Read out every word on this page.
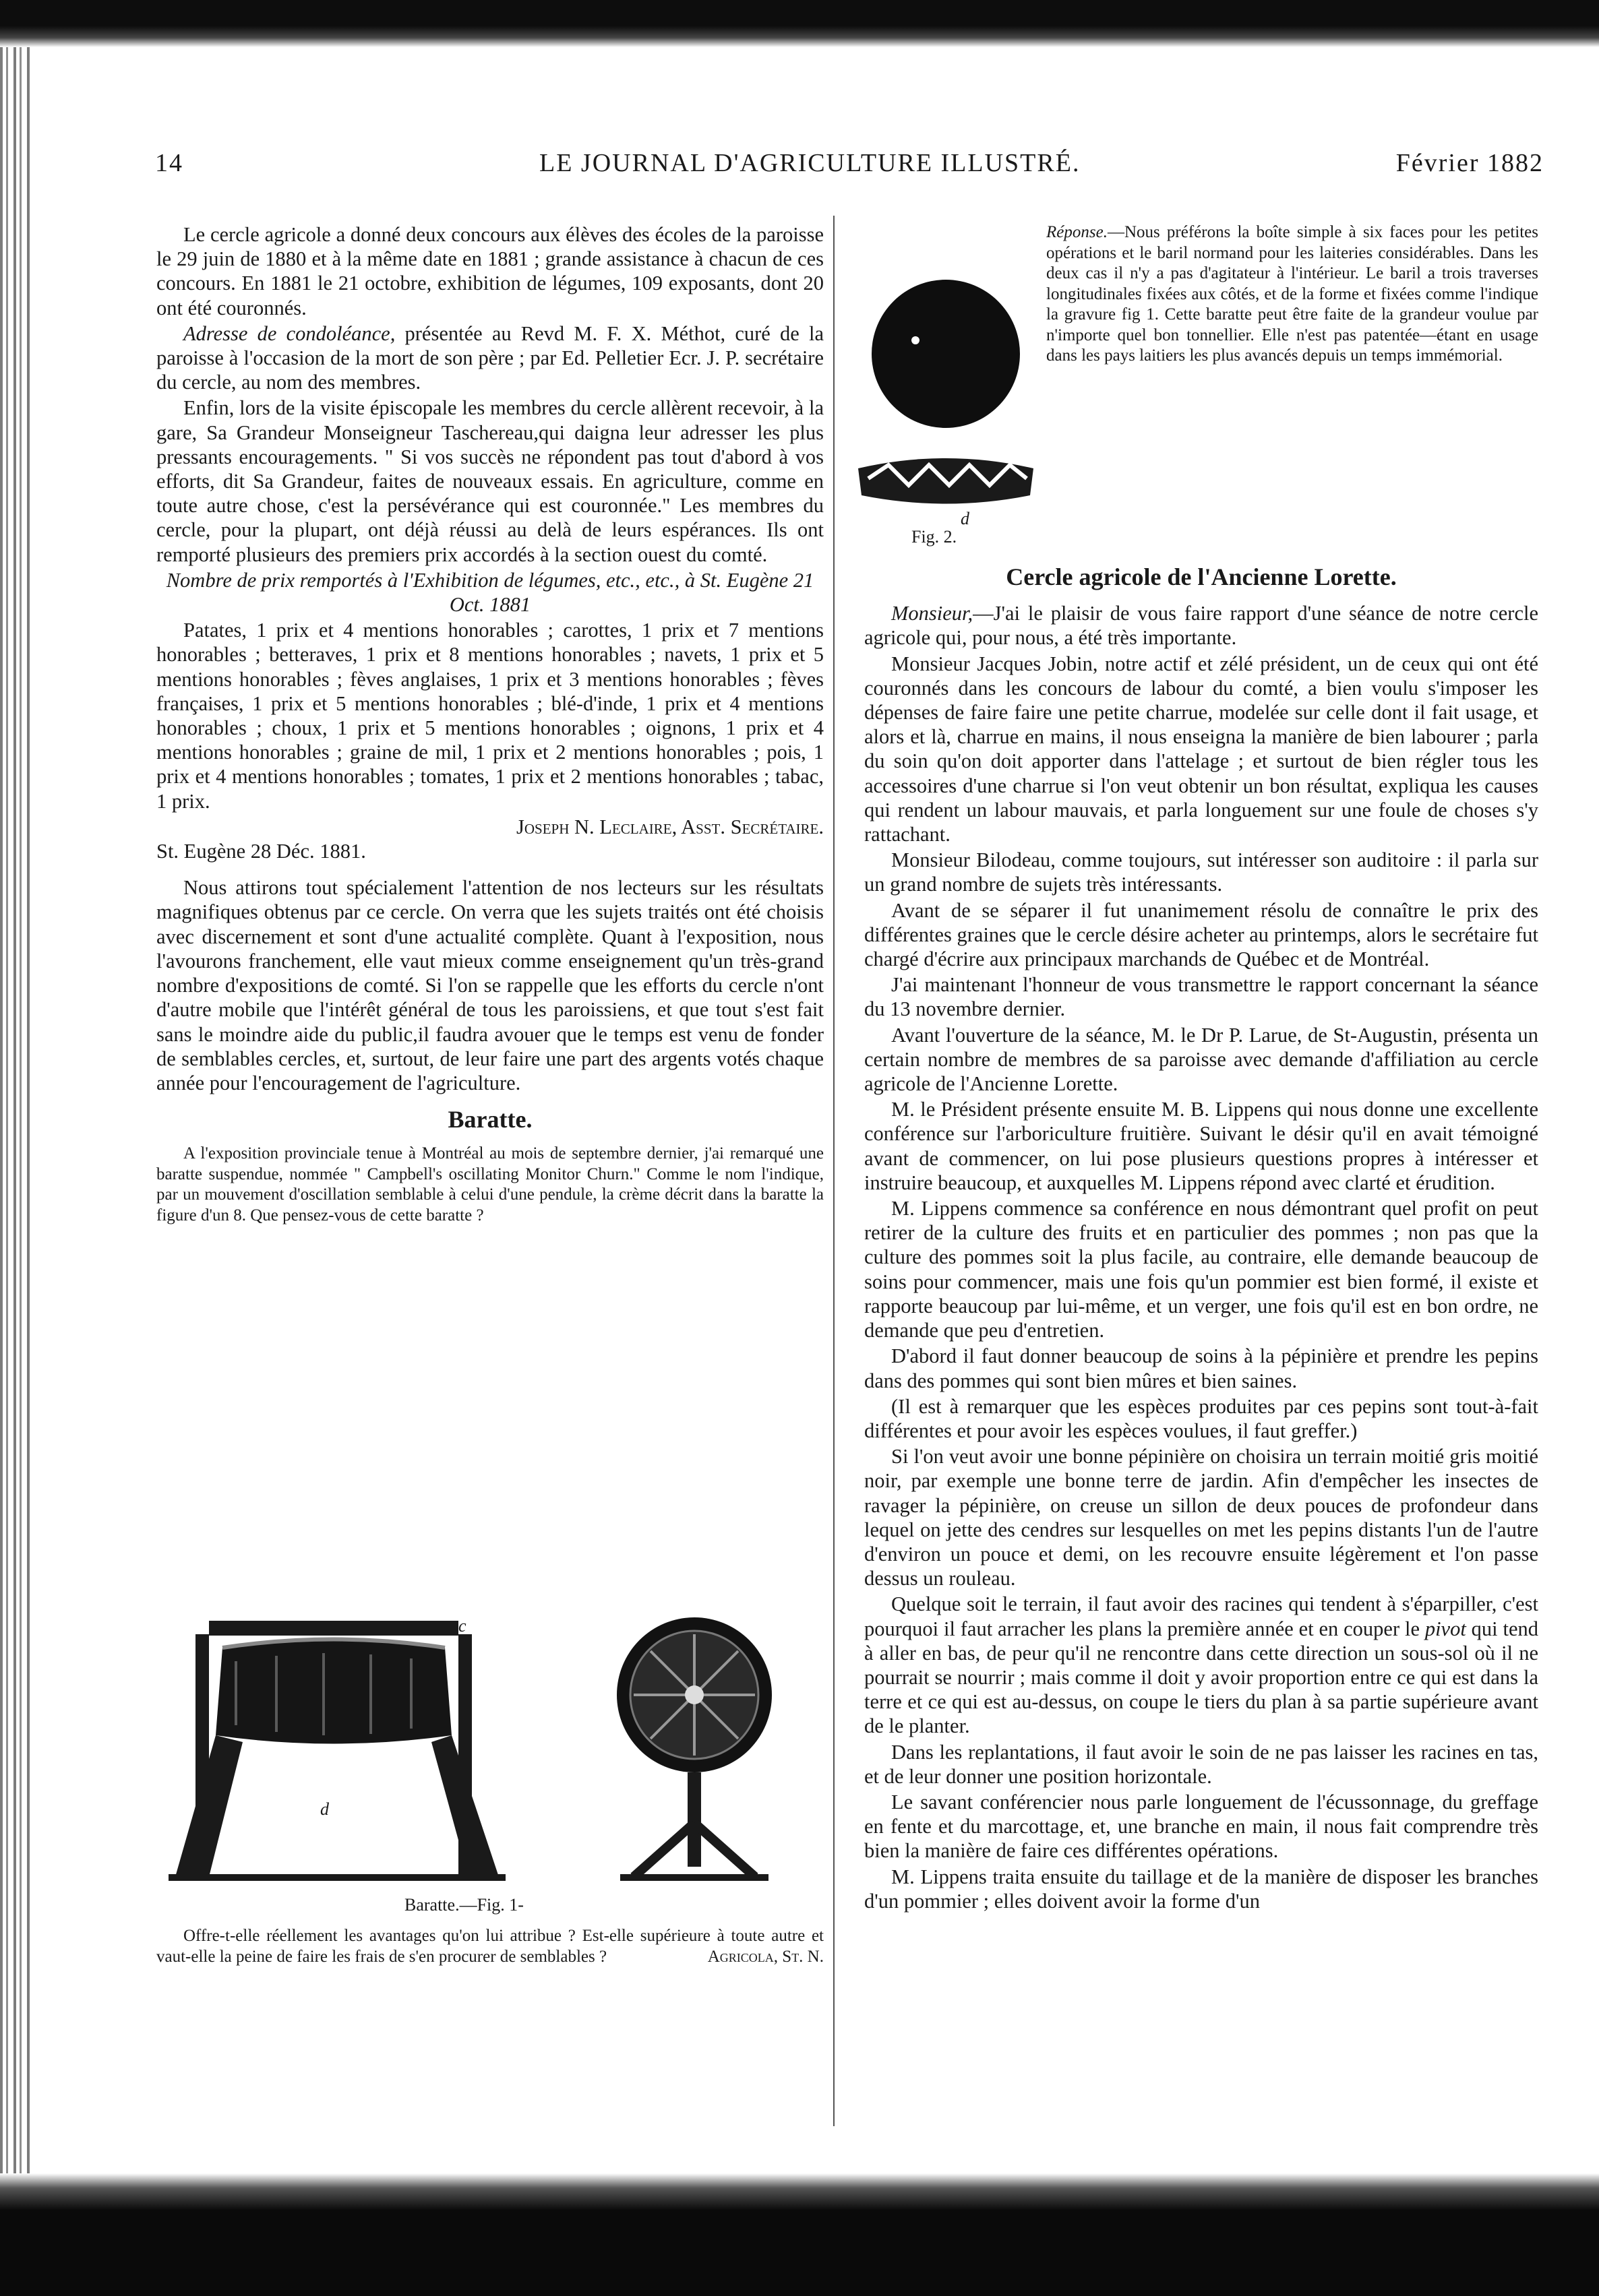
14	LE JOURNAL D'AGRICULTURE ILLUSTRÉ.	Février 1882

Le cercle agricole a donné deux concours aux élèves des écoles de la paroisse le 29 juin de 1880 et à la même date en 1881 ; grande assistance à chacun de ces concours. En 1881 le 21 octobre, exhibition de légumes, 109 exposants, dont 20 ont été couronnés.

Adresse de condoléance, présentée au Revd M. F. X. Méthot, curé de la paroisse à l'occasion de la mort de son père ; par Ed. Pelletier Ecr. J. P. secrétaire du cercle, au nom des membres.

Enfin, lors de la visite épiscopale les membres du cercle allèrent recevoir, à la gare, Sa Grandeur Monseigneur Taschereau,qui daigna leur adresser les plus pressants encouragements. " Si vos succès ne répondent pas tout d'abord à vos efforts, dit Sa Grandeur, faites de nouveaux essais. En agriculture, comme en toute autre chose, c'est la persévérance qui est couronnée." Les membres du cercle, pour la plupart, ont déjà réussi au delà de leurs espérances. Ils ont remporté plusieurs des premiers prix accordés à la section ouest du comté.

Nombre de prix remportés à l'Exhibition de légumes, etc., etc., à St. Eugène 21 Oct. 1881

Patates, 1 prix et 4 mentions honorables ; carottes, 1 prix et 7 mentions honorables ; betteraves, 1 prix et 8 mentions honorables ; navets, 1 prix et 5 mentions honorables ; fèves anglaises, 1 prix et 3 mentions honorables ; fèves françaises, 1 prix et 5 mentions honorables ; blé-d'inde, 1 prix et 4 mentions honorables ; choux, 1 prix et 5 mentions honorables ; oignons, 1 prix et 4 mentions honorables ; graine de mil, 1 prix et 2 mentions honorables ; pois, 1 prix et 4 mentions honorables ; tomates, 1 prix et 2 mentions honorables ; tabac, 1 prix.

Joseph N. Leclaire, Asst. Secrétaire.

St. Eugène 28 Déc. 1881.

Nous attirons tout spécialement l'attention de nos lecteurs sur les résultats magnifiques obtenus par ce cercle. On verra que les sujets traités ont été choisis avec discernement et sont d'une actualité complète. Quant à l'exposition, nous l'avourons franchement, elle vaut mieux comme enseignement qu'un très-grand nombre d'expositions de comté. Si l'on se rappelle que les efforts du cercle n'ont d'autre mobile que l'intérêt général de tous les paroissiens, et que tout s'est fait sans le moindre aide du public,il faudra avouer que le temps est venu de fonder de semblables cercles, et, surtout, de leur faire une part des argents votés chaque année pour l'encouragement de l'agriculture.

Baratte.

A l'exposition provinciale tenue à Montréal au mois de septembre dernier, j'ai remarqué une baratte suspendue, nommée " Campbell's oscillating Monitor Churn." Comme le nom l'indique, par un mouvement d'oscillation semblable à celui d'une pendule, la crème décrit dans la baratte la figure d'un 8. Que pensez-vous de cette baratte ?

c
d
Baratte.—Fig. 1-

Offre-t-elle réellement les avantages qu'on lui attribue ? Est-elle supérieure à toute autre et vaut-elle la peine de faire les frais de s'en procurer de semblables ?	Agricola, St. N.

d
Fig. 2.

Réponse.—Nous préférons la boîte simple à six faces pour les petites opérations et le baril normand pour les laiteries considérables. Dans les deux cas il n'y a pas d'agitateur à l'intérieur. Le baril a trois traverses longitudinales fixées aux côtés, et de la forme et fixées comme l'indique la gravure fig 1. Cette baratte peut être faite de la grandeur voulue par n'importe quel bon tonnellier. Elle n'est pas patentée—étant en usage dans les pays laitiers les plus avancés depuis un temps immémorial.

Cercle agricole de l'Ancienne Lorette.

Monsieur,—J'ai le plaisir de vous faire rapport d'une séance de notre cercle agricole qui, pour nous, a été très importante.

Monsieur Jacques Jobin, notre actif et zélé président, un de ceux qui ont été couronnés dans les concours de labour du comté, a bien voulu s'imposer les dépenses de faire faire une petite charrue, modelée sur celle dont il fait usage, et alors et là, charrue en mains, il nous enseigna la manière de bien labourer ; parla du soin qu'on doit apporter dans l'attelage ; et surtout de bien régler tous les accessoires d'une charrue si l'on veut obtenir un bon résultat, expliqua les causes qui rendent un labour mauvais, et parla longuement sur une foule de choses s'y rattachant.

Monsieur Bilodeau, comme toujours, sut intéresser son auditoire : il parla sur un grand nombre de sujets très intéressants.

Avant de se séparer il fut unanimement résolu de connaître le prix des différentes graines que le cercle désire acheter au printemps, alors le secrétaire fut chargé d'écrire aux principaux marchands de Québec et de Montréal.

J'ai maintenant l'honneur de vous transmettre le rapport concernant la séance du 13 novembre dernier.

Avant l'ouverture de la séance, M. le Dr P. Larue, de St-Augustin, présenta un certain nombre de membres de sa paroisse avec demande d'affiliation au cercle agricole de l'Ancienne Lorette.

M. le Président présente ensuite M. B. Lippens qui nous donne une excellente conférence sur l'arboriculture fruitière. Suivant le désir qu'il en avait témoigné avant de commencer, on lui pose plusieurs questions propres à intéresser et instruire beaucoup, et auxquelles M. Lippens répond avec clarté et érudition.

M. Lippens commence sa conférence en nous démontrant quel profit on peut retirer de la culture des fruits et en particulier des pommes ; non pas que la culture des pommes soit la plus facile, au contraire, elle demande beaucoup de soins pour commencer, mais une fois qu'un pommier est bien formé, il existe et rapporte beaucoup par lui-même, et un verger, une fois qu'il est en bon ordre, ne demande que peu d'entretien.

D'abord il faut donner beaucoup de soins à la pépinière et prendre les pepins dans des pommes qui sont bien mûres et bien saines.

(Il est à remarquer que les espèces produites par ces pepins sont tout-à-fait différentes et pour avoir les espèces voulues, il faut greffer.)

Si l'on veut avoir une bonne pépinière on choisira un terrain moitié gris moitié noir, par exemple une bonne terre de jardin. Afin d'empêcher les insectes de ravager la pépinière, on creuse un sillon de deux pouces de profondeur dans lequel on jette des cendres sur lesquelles on met les pepins distants l'un de l'autre d'environ un pouce et demi, on les recouvre ensuite légèrement et l'on passe dessus un rouleau.

Quelque soit le terrain, il faut avoir des racines qui tendent à s'éparpiller, c'est pourquoi il faut arracher les plans la première année et en couper le pivot qui tend à aller en bas, de peur qu'il ne rencontre dans cette direction un sous-sol où il ne pourrait se nourrir ; mais comme il doit y avoir proportion entre ce qui est dans la terre et ce qui est au-dessus, on coupe le tiers du plan à sa partie supérieure avant de le planter.

Dans les replantations, il faut avoir le soin de ne pas laisser les racines en tas, et de leur donner une position horizontale.

Le savant conférencier nous parle longuement de l'écussonnage, du greffage en fente et du marcottage, et, une branche en main, il nous fait comprendre très bien la manière de faire ces différentes opérations.

M. Lippens traita ensuite du taillage et de la manière de disposer les branches d'un pommier ; elles doivent avoir la forme d'un
